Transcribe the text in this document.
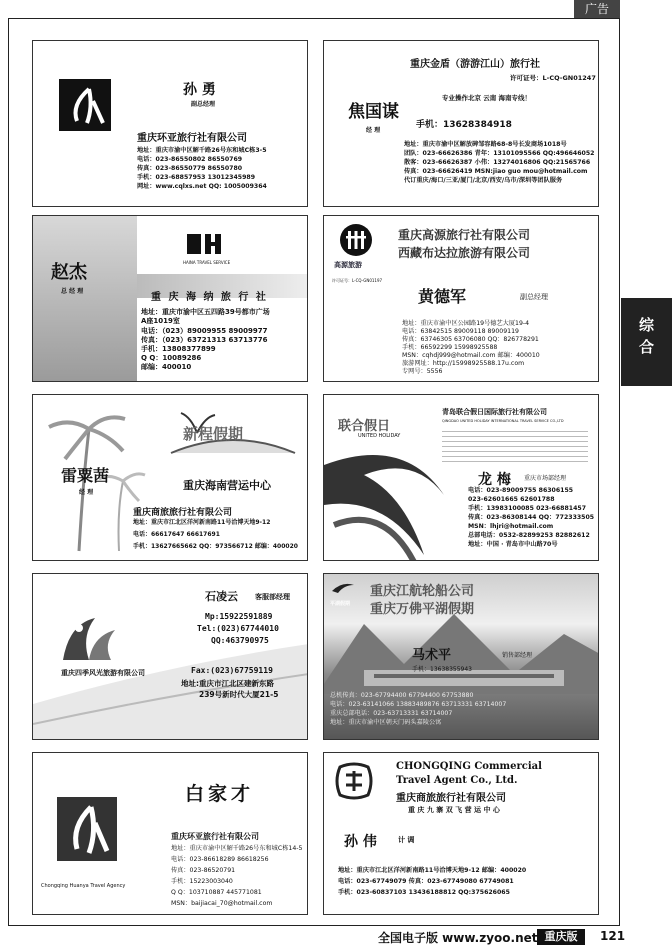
广告
综
合
孙 勇
副总经理
重庆环亚旅行社有限公司
地址：重庆市渝中区解千路26号东和城C栋3-5
电话：023-86550802 86550769
传真：023-86550779 86550780
手机：023-68857953 13012345989
网址：www.cqlxs.net QQ: 1005009364
重庆金盾（游游江山）旅行社
许可证号：L-CQ-GN01247
焦国谋
经 理
专业操作北京 云南 海南专线！
手机：13628384918
地址：重庆市渝中区解放碑邹容路68-8号长发商场1018号
团队：023-66626386 青年：13101095566 QQ:496646052
散客：023-66626387 小伟：13274016806 QQ:21565766
传真：023-66626419 MSN:jiao guo mou@hotmail.com
代订重庆/海口/三亚/厦门/北京/西安/乌市/深圳等团队服务
赵杰
总 经 理
HAINA TRAVEL SERVICE
重 庆 海 纳 旅 行 社
地址：重庆市渝中区五四路39号都市广场
A座1019室
电话：（023）89009955 89009977
传真：（023）63721313 63713776
手机：13808377899
Q Q：10089286
邮编：400010
高源旅游
许可证号：L-CQ-GN01197
重庆高源旅行社有限公司
西藏布达拉旅游有限公司
黄德军	副总经理
地址：重庆市渝中区公园路19号德艺大厦19-4
电话：63842515 89009118 89009119
传真：63746305 63706080 QQ：826778291
手机：66592299 15998925588
MSN：cqhdj999@hotmail.com 邮编：400010
旅游网址：http://15998925588.17u.com
专网号：5556
新程假期
雷粟茜
经 理
重庆海南营运中心
重庆商旅旅行社有限公司
地址：重庆市江北区洋河新南路11号洽博天地9-12
电话：66617647 66617691
手机：13627665662 QQ：973566712 邮编：400020
联合假日
UNITED HOLIDAY
青岛联合假日国际旅行社有限公司
QINGDAO UNITED HOLIDAY INTERNATIONAL TRAVEL SERVICE CO.,LTD
龙 梅 重庆市场部经理
电话：023-89009755 86306155
023-62601665 62601788
手机：13983100085 023-66881457
传真：023-86308144 QQ：772333505
MSN：lhjri@hotmail.com
总部电话：0532-82899253 82882612
地址：中国 · 青岛市中山路70号
石凌云 客服部经理
Mp:15922591889
Tel:(023)67744010
QQ:463790975
重庆四季风光旅游有限公司	Fax:(023)67759119
地址:重庆市江北区建新东路
239号新时代大厦21-5
平湖假期
重庆江航轮船公司
重庆万佛平湖假期
马术平	销售部经理
手机：13638355943
总机传真：023-67794400 67794400 67753880
电话：023-63141066 13883489876 63713331 63714007
重庆总部电话：023-63713331 63714007
地址：重庆市渝中区朝天门码头嘉陵公寓
Chongqing Huanya Travel Agency
白家才
重庆环亚旅行社有限公司
地址：重庆市渝中区解千路26号东和城C栋14-5
电话：023-86618289 86618256
传真：023-86520791
手机：15223003040
Q Q：103710887 445771081
MSN：baijiacai_70@hotmail.com
CHONGQING Commercial
Travel Agent Co., Ltd.
重庆商旅旅行社有限公司
重 庆 九 寨 双 飞 营 运 中 心
孙 伟	计 调
地址：重庆市江北区洋河新南路11号洽博天地9-12 邮编：400020
电话：023-67749079 传真：023-67749080 67749081
手机：023-60837103 13436188812 QQ:375626065
全国电子版 www.zyoo.net 重庆版	121
